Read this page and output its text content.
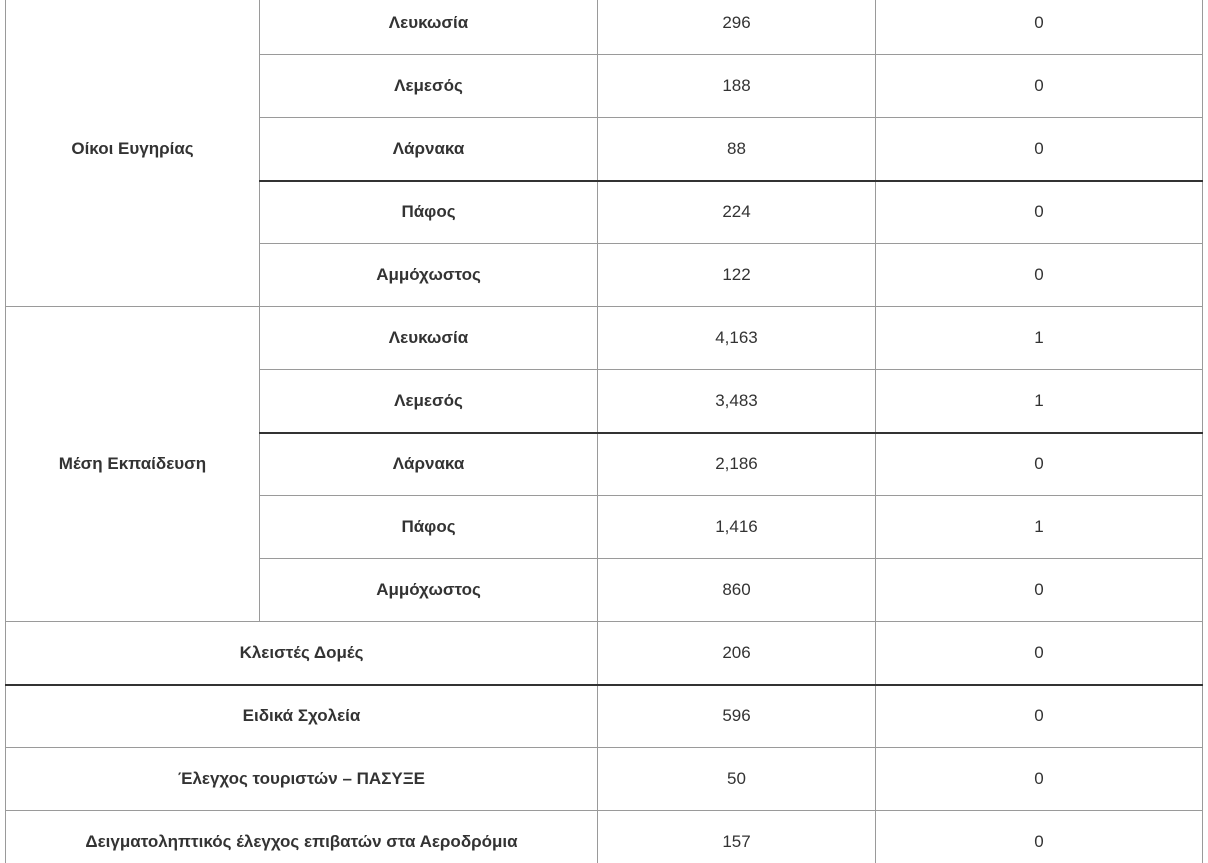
Οίκοι Ευγηρίας	Λευκωσία	296	0
	Λεμεσός	188	0
	Λάρνακα	88	0
	Πάφος	224	0
	Αμμόχωστος	122	0
Μέση Εκπαίδευση	Λευκωσία	4,163	1
	Λεμεσός	3,483	1
	Λάρνακα	2,186	0
	Πάφος	1,416	1
	Αμμόχωστος	860	0
Κλειστές Δομές		206	0
Ειδικά Σχολεία		596	0
Έλεγχος τουριστών – ΠΑΣΥΞΕ		50	0
Δειγματοληπτικός έλεγχος επιβατών στα Αεροδρόμια		157	0
